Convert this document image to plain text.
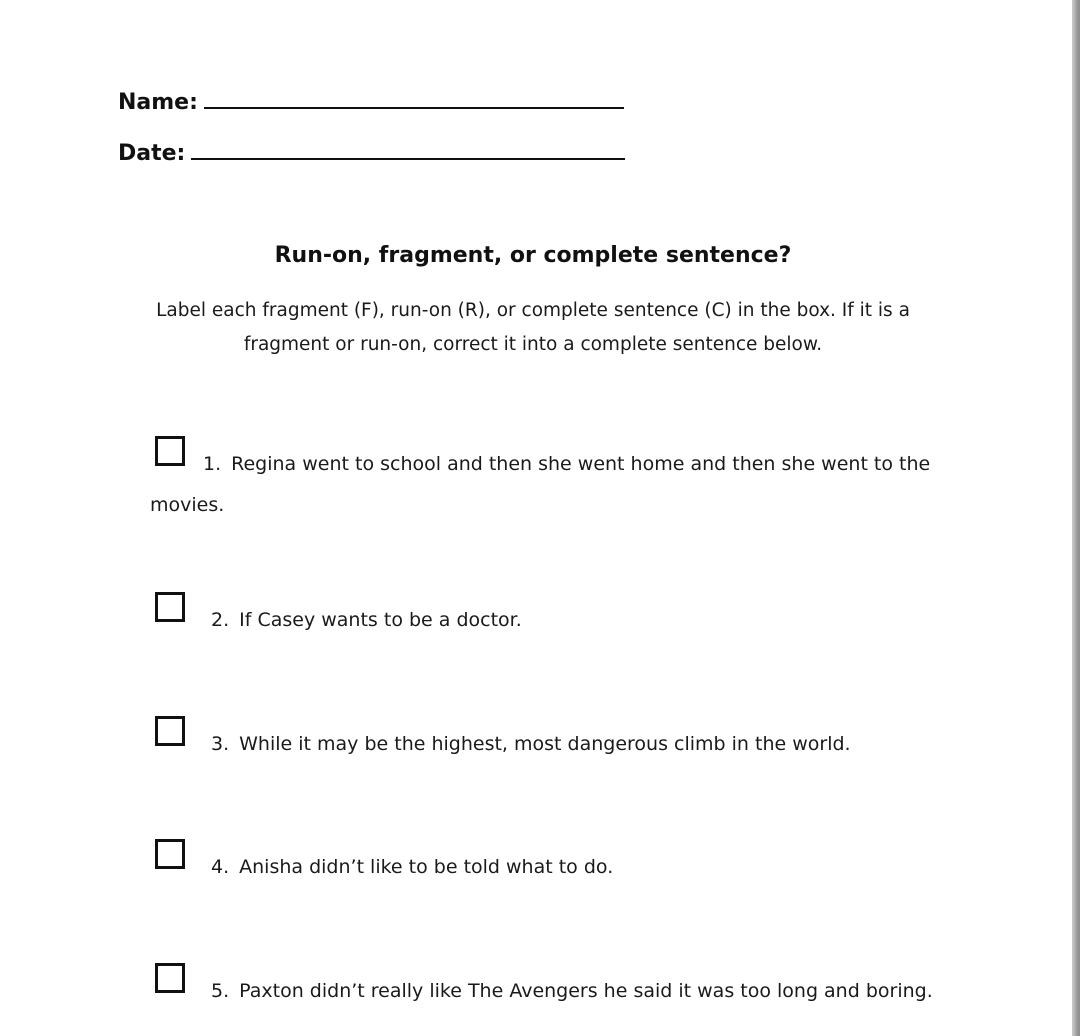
Name:
Date:
Run-on, fragment, or complete sentence?
Label each fragment (F), run-on (R), or complete sentence (C) in the box. If it is a fragment or run-on, correct it into a complete sentence below.
1. Regina went to school and then she went home and then she went to the movies.
2. If Casey wants to be a doctor.
3. While it may be the highest, most dangerous climb in the world.
4. Anisha didn’t like to be told what to do.
5. Paxton didn’t really like The Avengers he said it was too long and boring.
